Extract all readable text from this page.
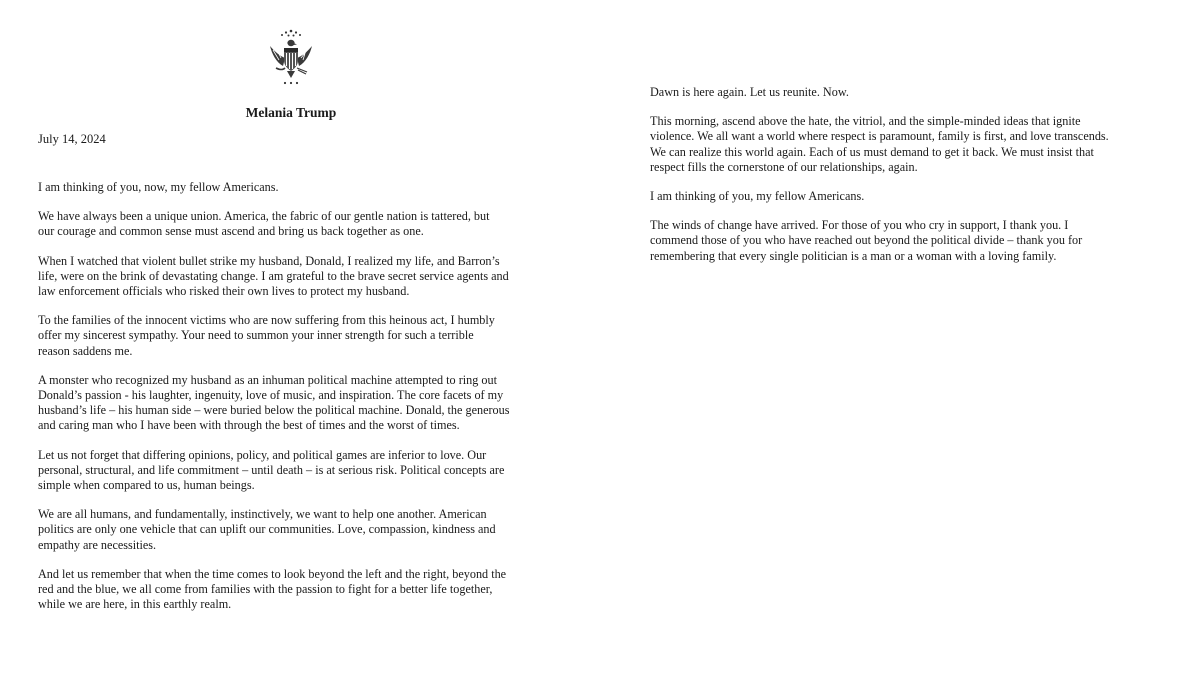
Melania Trump
July 14, 2024

I am thinking of you, now, my fellow Americans.

We have always been a unique union. America, the fabric of our gentle nation is tattered, but
our courage and common sense must ascend and bring us back together as one.

When I watched that violent bullet strike my husband, Donald, I realized my life, and Barron’s
life, were on the brink of devastating change. I am grateful to the brave secret service agents and
law enforcement officials who risked their own lives to protect my husband.

To the families of the innocent victims who are now suffering from this heinous act, I humbly
offer my sincerest sympathy. Your need to summon your inner strength for such a terrible
reason saddens me.

A monster who recognized my husband as an inhuman political machine attempted to ring out
Donald’s passion - his laughter, ingenuity, love of music, and inspiration. The core facets of my
husband’s life – his human side – were buried below the political machine. Donald, the generous
and caring man who I have been with through the best of times and the worst of times.

Let us not forget that differing opinions, policy, and political games are inferior to love. Our
personal, structural, and life commitment – until death – is at serious risk. Political concepts are
simple when compared to us, human beings.

We are all humans, and fundamentally, instinctively, we want to help one another. American
politics are only one vehicle that can uplift our communities. Love, compassion, kindness and
empathy are necessities.

And let us remember that when the time comes to look beyond the left and the right, beyond the
red and the blue, we all come from families with the passion to fight for a better life together,
while we are here, in this earthly realm.

Dawn is here again. Let us reunite. Now.

This morning, ascend above the hate, the vitriol, and the simple-minded ideas that ignite
violence. We all want a world where respect is paramount, family is first, and love transcends.
We can realize this world again. Each of us must demand to get it back. We must insist that
respect fills the cornerstone of our relationships, again.

I am thinking of you, my fellow Americans.

The winds of change have arrived. For those of you who cry in support, I thank you. I
commend those of you who have reached out beyond the political divide – thank you for
remembering that every single politician is a man or a woman with a loving family.
